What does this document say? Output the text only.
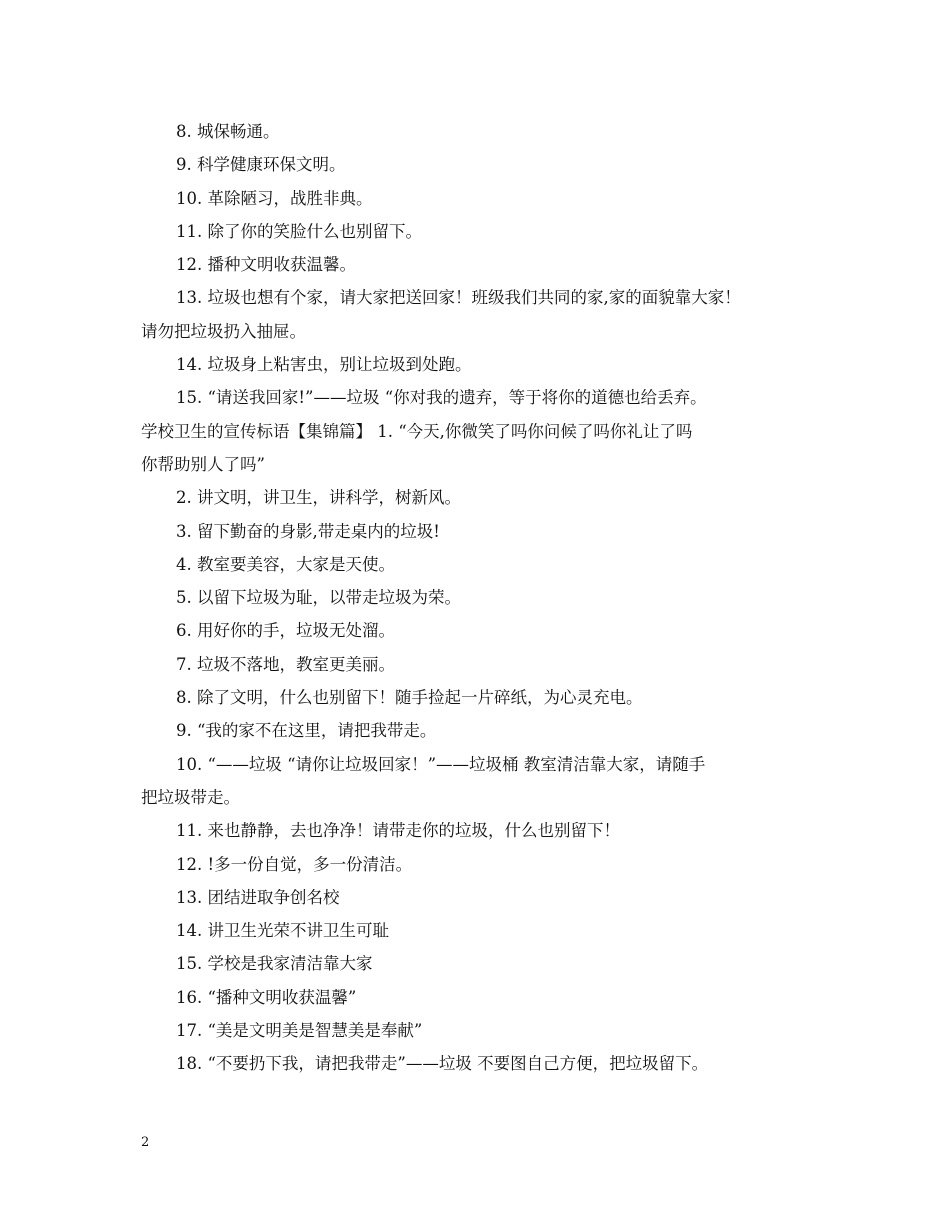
8. 城保畅通。
9. 科学健康环保文明。
10. 革除陋习，战胜非典。
11. 除了你的笑脸什么也别留下。
12. 播种文明收获温馨。
13. 垃圾也想有个家，请大家把送回家！班级我们共同的家,家的面貌靠大家！
请勿把垃圾扔入抽屉。
14. 垃圾身上粘害虫，别让垃圾到处跑。
15. “请送我回家!”——垃圾 “你对我的遗弃，等于将你的道德也给丢弃。
学校卫生的宣传标语【集锦篇】 1. “今天,你微笑了吗你问候了吗你礼让了吗
你帮助别人了吗”
2. 讲文明，讲卫生，讲科学，树新风。
3. 留下勤奋的身影,带走桌内的垃圾!
4. 教室要美容，大家是天使。
5. 以留下垃圾为耻，以带走垃圾为荣。
6. 用好你的手，垃圾无处溜。
7. 垃圾不落地，教室更美丽。
8. 除了文明，什么也别留下！随手捡起一片碎纸，为心灵充电。
9. “我的家不在这里，请把我带走。
10. “——垃圾 “请你让垃圾回家！”——垃圾桶 教室清洁靠大家，请随手
把垃圾带走。
11. 来也静静，去也净净！请带走你的垃圾，什么也别留下！
12. !多一份自觉，多一份清洁。
13. 团结进取争创名校
14. 讲卫生光荣不讲卫生可耻
15. 学校是我家清洁靠大家
16. “播种文明收获温馨”
17. “美是文明美是智慧美是奉献”
18. “不要扔下我，请把我带走”——垃圾 不要图自己方便，把垃圾留下。
2
